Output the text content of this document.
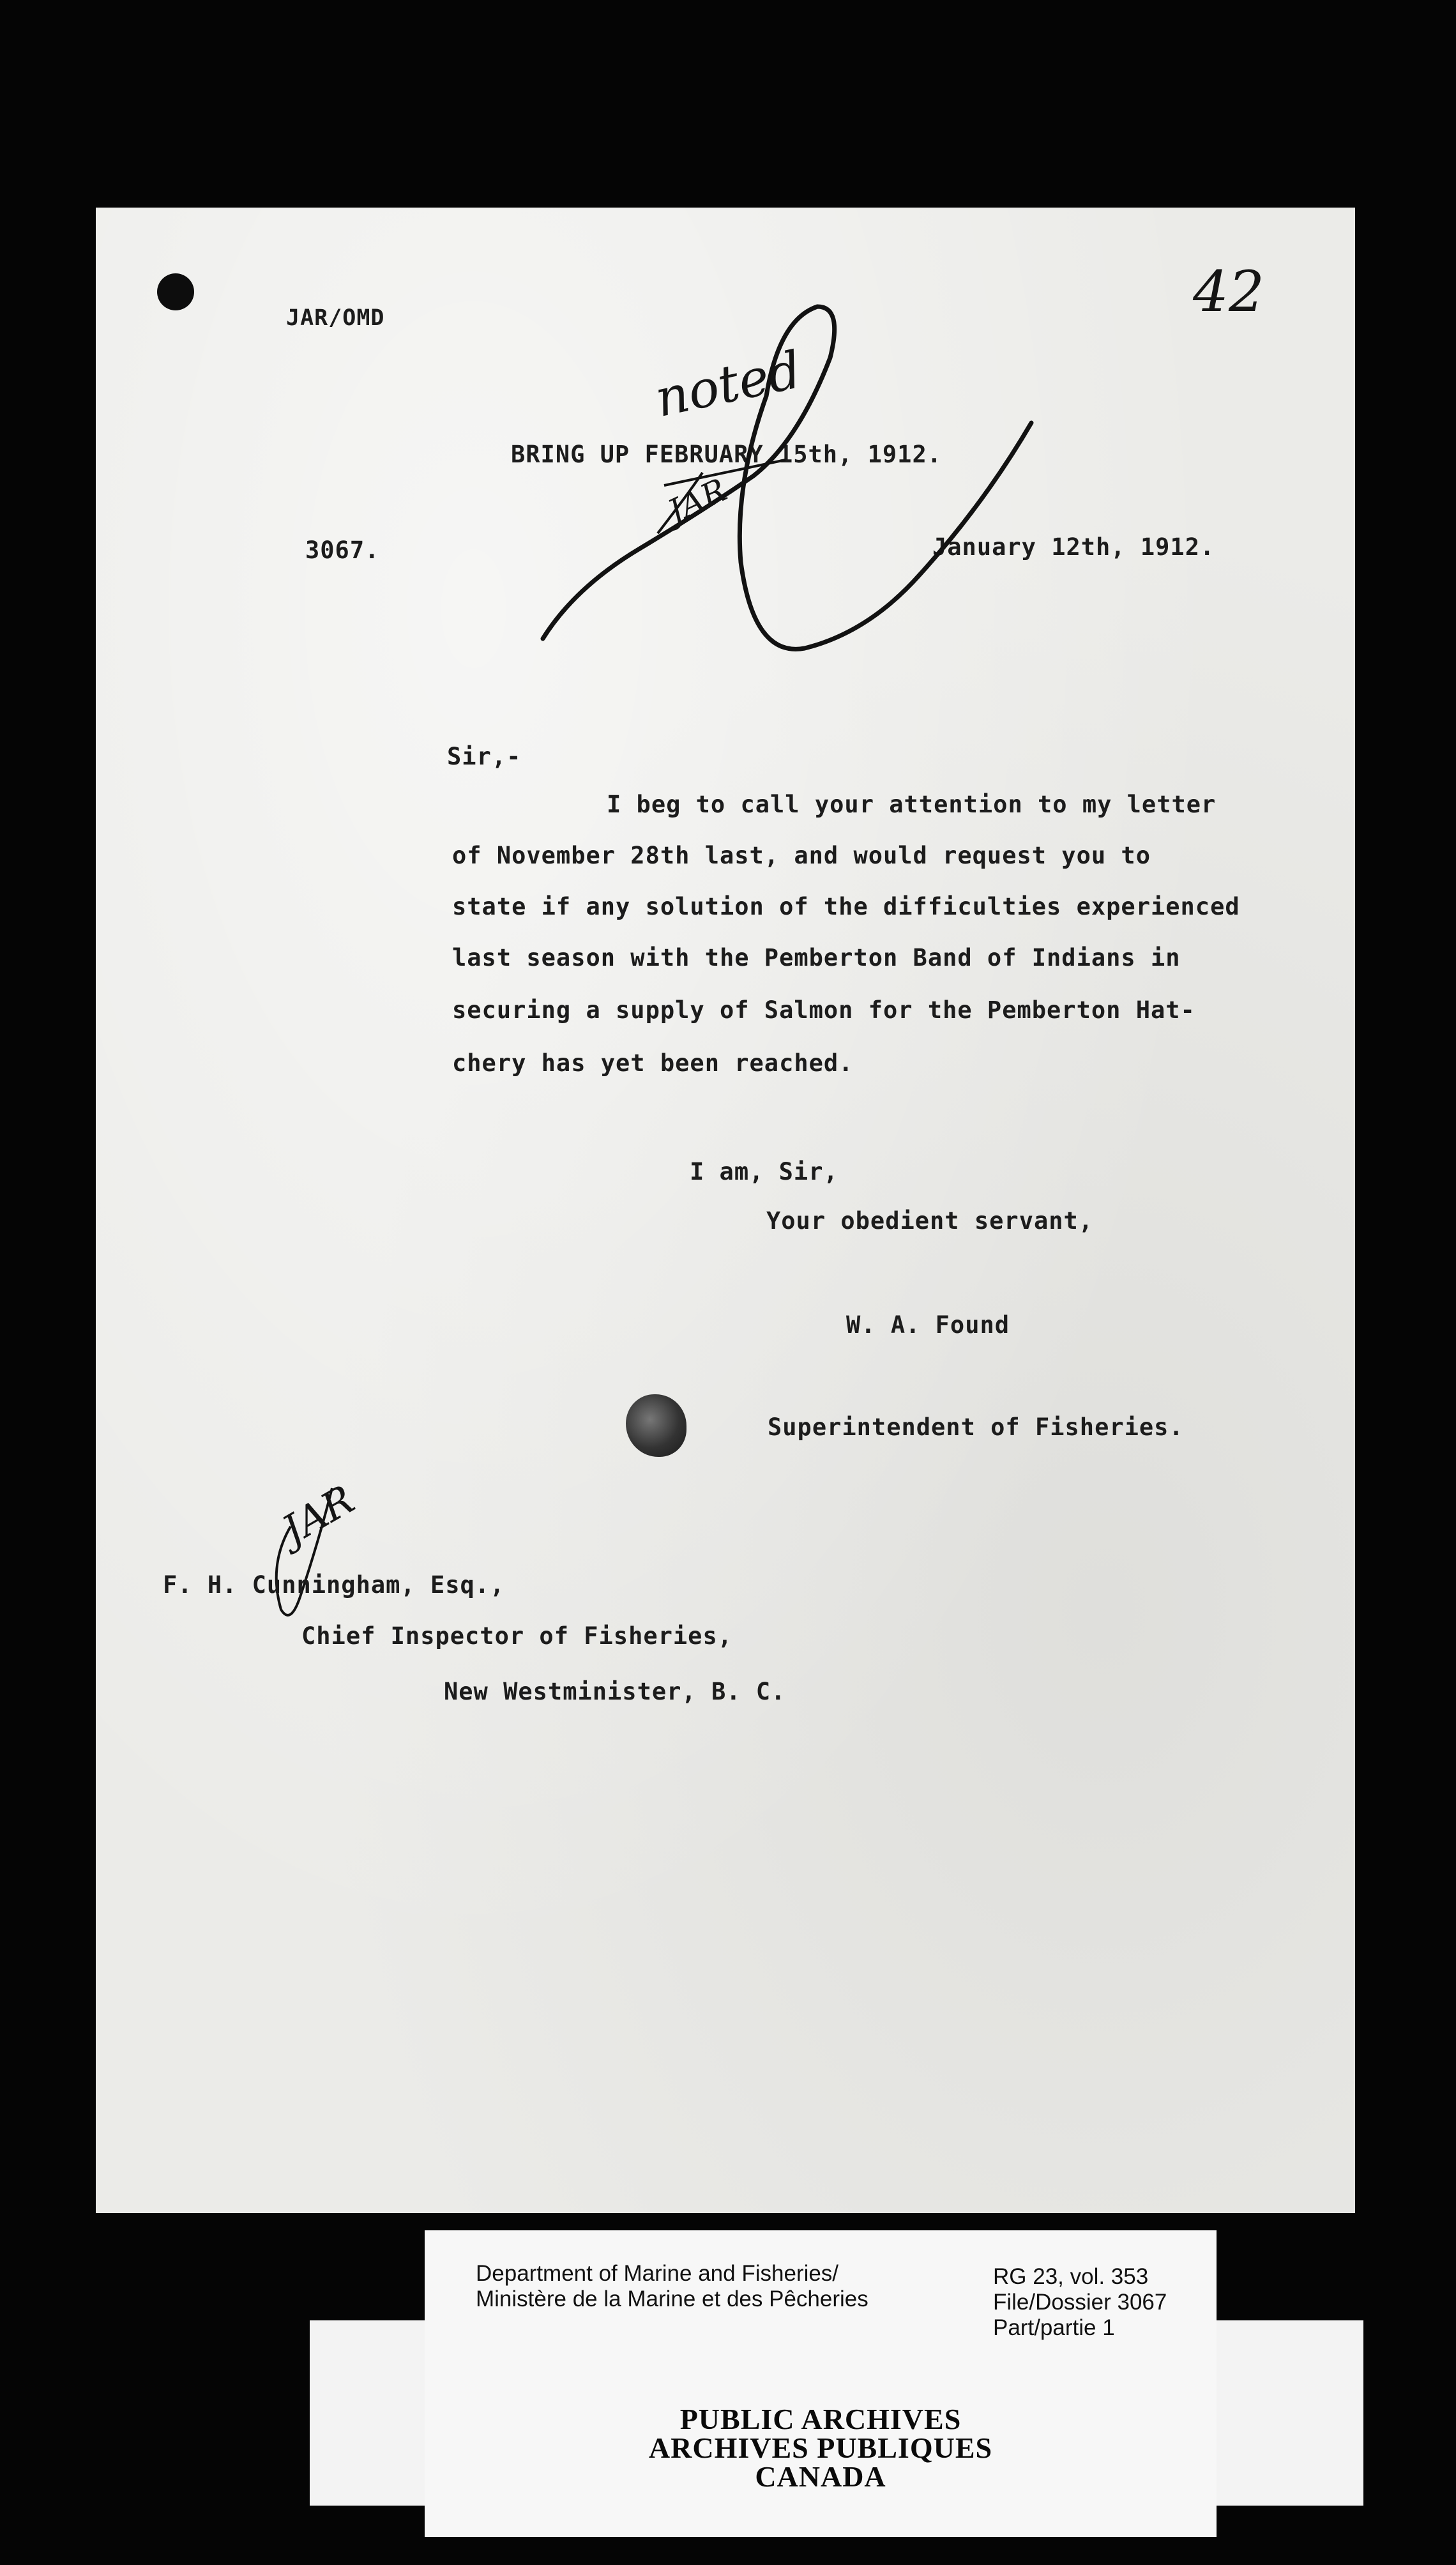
JAR/OMD	42
BRING UP FEBRUARY 15th, 1912.
3067.	January 12th, 1912.
noted
JAR
JAR
Sir,-
I beg to call your attention to my letter
of November 28th last, and would request you to
state if any solution of the difficulties experienced
last season with the Pemberton Band of Indians in
securing a supply of Salmon for the Pemberton Hat-
chery has yet been reached.
I am, Sir,
Your obedient servant,
W. A. Found
Superintendent of Fisheries.
F. H. Cunningham, Esq.,
Chief Inspector of Fisheries,
New Westminister, B. C.
Department of Marine and Fisheries/
Ministère de la Marine et des Pêcheries
RG 23, vol. 353
File/Dossier 3067
Part/partie 1
PUBLIC ARCHIVES
ARCHIVES PUBLIQUES
CANADA
